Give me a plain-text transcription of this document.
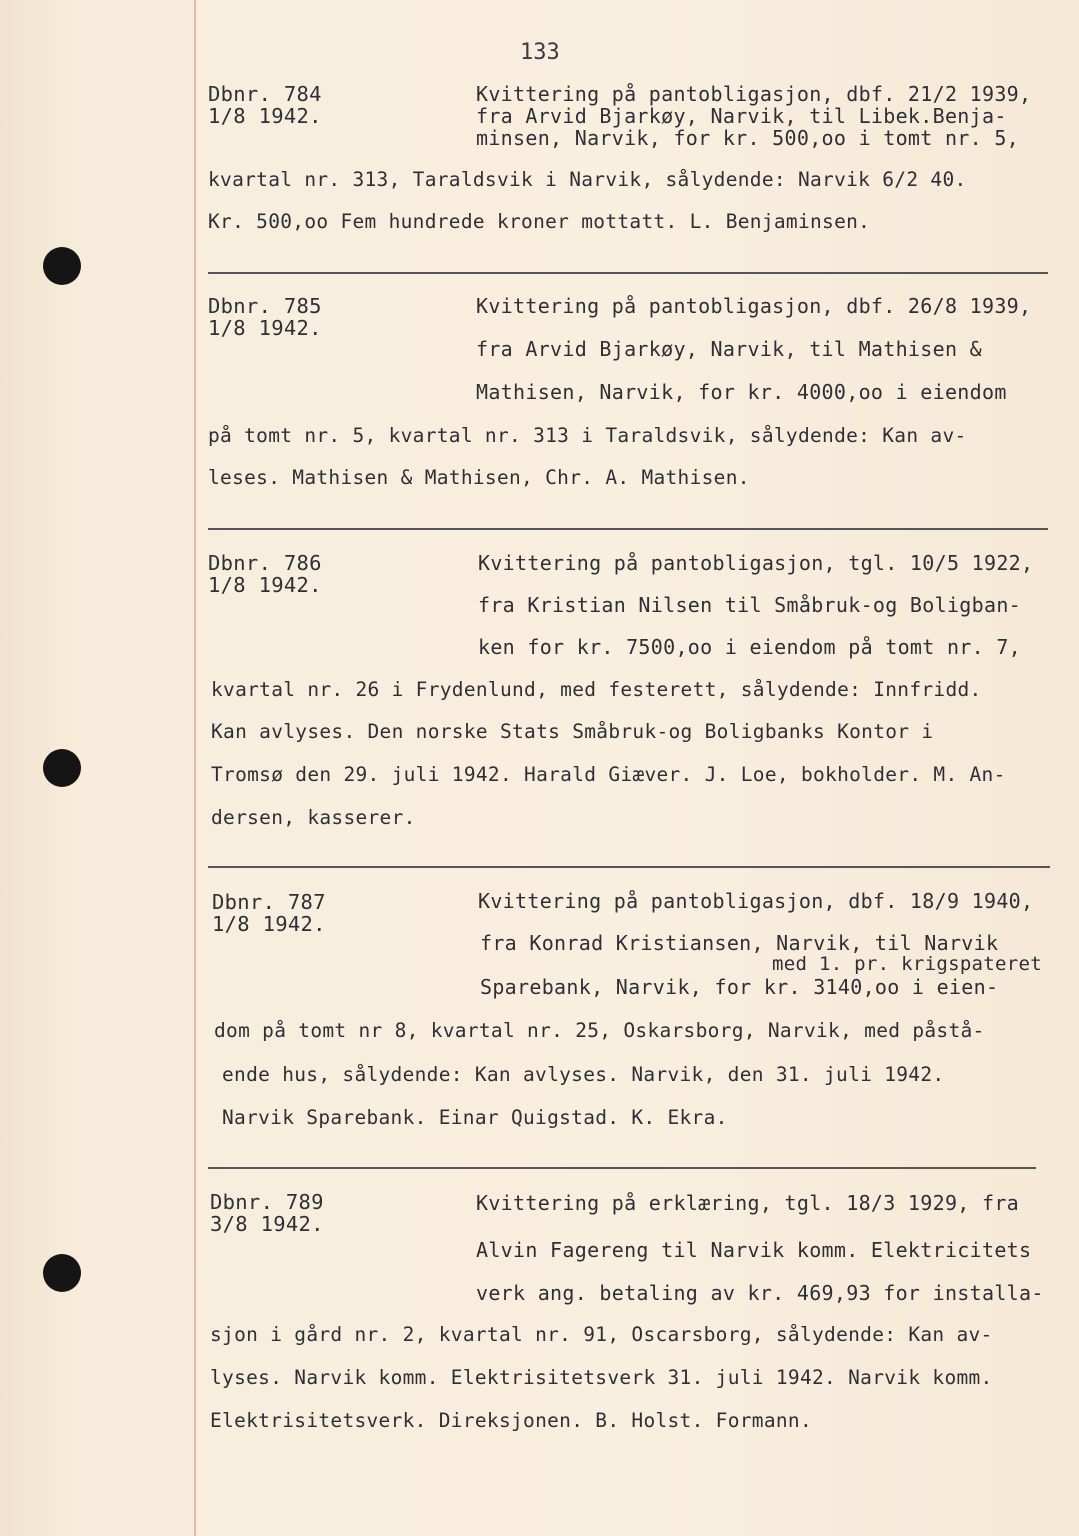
133
Dbnr. 784
1/8 1942.
Kvittering på pantobligasjon, dbf. 21/2 1939,
fra Arvid Bjarkøy, Narvik, til Libek.Benja-
minsen, Narvik, for kr. 500,oo i tomt nr. 5,
kvartal nr. 313, Taraldsvik i Narvik, sålydende: Narvik 6/2 40.
Kr. 500,oo Fem hundrede kroner mottatt. L. Benjaminsen.
Dbnr. 785
1/8 1942.
Kvittering på pantobligasjon, dbf. 26/8 1939,
fra Arvid Bjarkøy, Narvik, til Mathisen &
Mathisen, Narvik, for kr. 4000,oo i eiendom
på tomt nr. 5, kvartal nr. 313 i Taraldsvik, sålydende: Kan av-
leses. Mathisen & Mathisen, Chr. A. Mathisen.
Dbnr. 786
1/8 1942.
Kvittering på pantobligasjon, tgl. 10/5 1922,
fra Kristian Nilsen til Småbruk-og Boligban-
ken for kr. 7500,oo i eiendom på tomt nr. 7,
kvartal nr. 26 i Frydenlund, med festerett, sålydende: Innfridd.
Kan avlyses. Den norske Stats Småbruk-og Boligbanks Kontor i
Tromsø den 29. juli 1942. Harald Giæver. J. Loe, bokholder. M. An-
dersen, kasserer.
Dbnr. 787
1/8 1942.
Kvittering på pantobligasjon, dbf. 18/9 1940,
fra Konrad Kristiansen, Narvik, til Narvik
med 1. pr. krigspateret
Sparebank, Narvik, for kr. 3140,oo i eien-
dom på tomt nr 8, kvartal nr. 25, Oskarsborg, Narvik, med påstå-
ende hus, sålydende: Kan avlyses. Narvik, den 31. juli 1942.
Narvik Sparebank. Einar Quigstad. K. Ekra.
Dbnr. 789
3/8 1942.
Kvittering på erklæring, tgl. 18/3 1929, fra
Alvin Fagereng til Narvik komm. Elektricitets
verk ang. betaling av kr. 469,93 for installa-
sjon i gård nr. 2, kvartal nr. 91, Oscarsborg, sålydende: Kan av-
lyses. Narvik komm. Elektrisitetsverk 31. juli 1942. Narvik komm.
Elektrisitetsverk. Direksjonen. B. Holst. Formann.
